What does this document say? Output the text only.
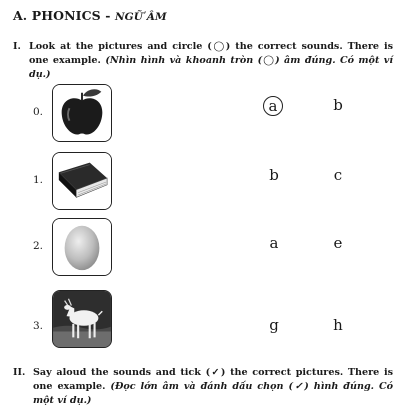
A. PHONICS - NGỮ ÂM
I. Look at the pictures and circle (◯) the correct sounds. There is one example. (Nhìn hình và khoanh tròn (◯) âm đúng. Có một ví dụ.)
0.	a	b
1.	b	c
2.	a	e
3.	g	h
II. Say aloud the sounds and tick (✓) the correct pictures. There is one example. (Đọc lớn âm và đánh dấu chọn (✓) hình đúng. Có một ví dụ.)
